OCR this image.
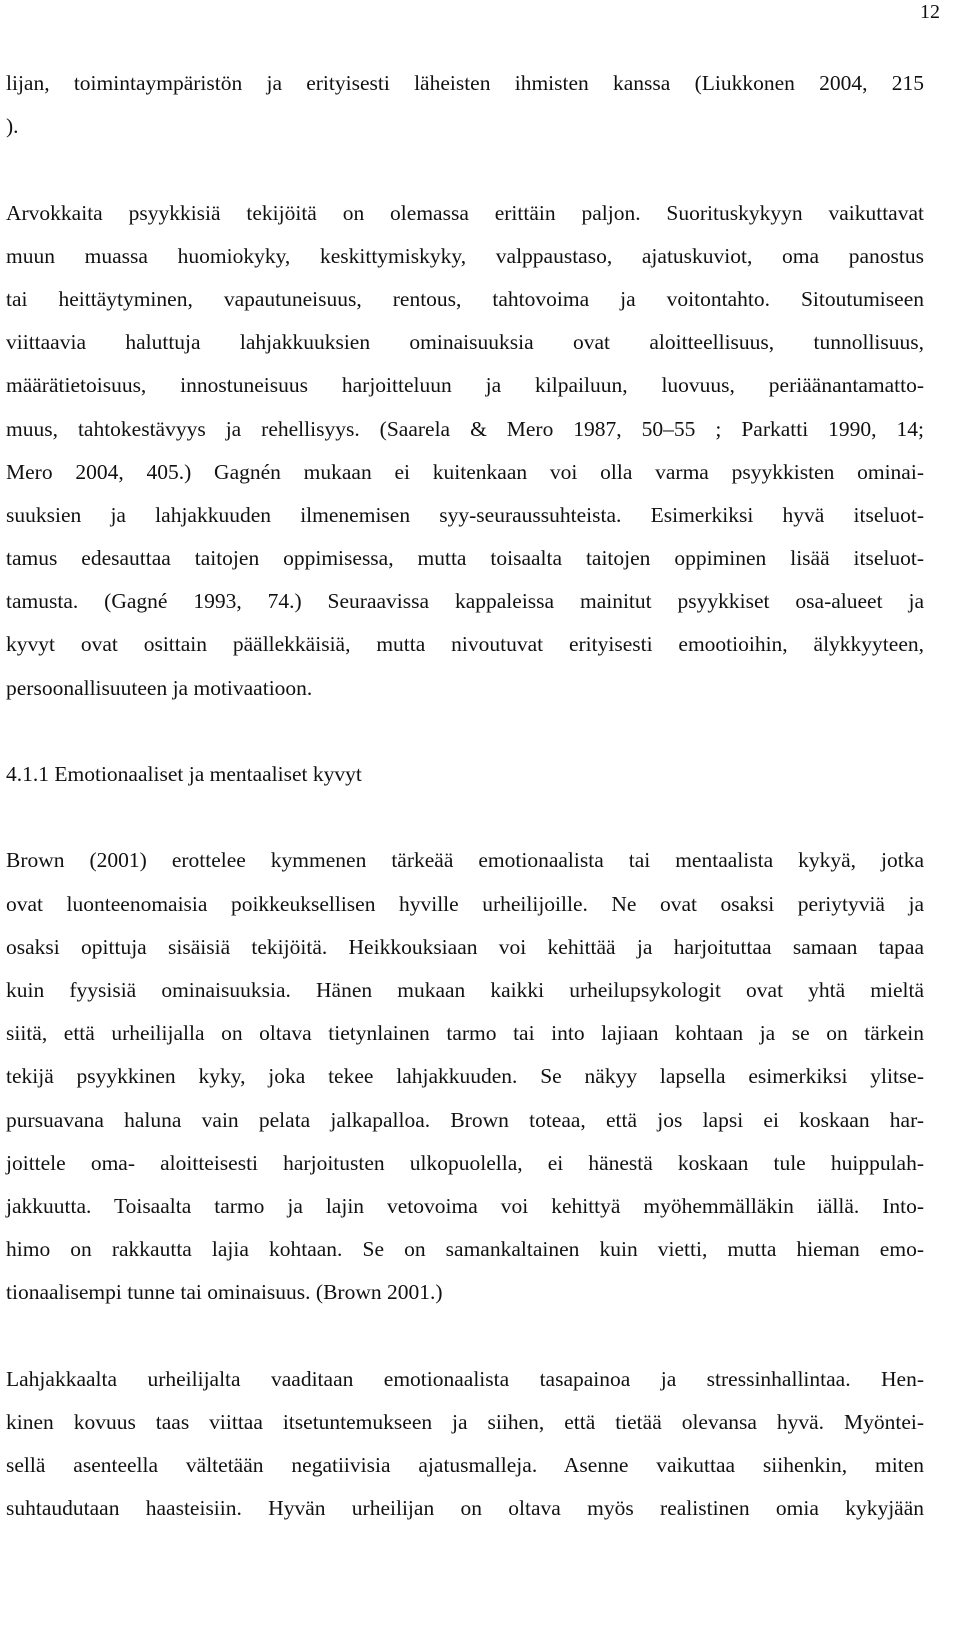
12
lijan, toimintaympäristön ja erityisesti läheisten ihmisten kanssa (Liukkonen 2004, 215
).
Arvokkaita psyykkisiä tekijöitä on olemassa erittäin paljon. Suorituskykyyn vaikuttavat
muun muassa huomiokyky, keskittymiskyky, valppaustaso, ajatuskuviot, oma panostus
tai heittäytyminen, vapautuneisuus, rentous, tahtovoima ja voitontahto. Sitoutumiseen
viittaavia haluttuja lahjakkuuksien ominaisuuksia ovat aloitteellisuus, tunnollisuus,
määrätietoisuus, innostuneisuus harjoitteluun ja kilpailuun, luovuus, periäänantamatto-
muus, tahtokestävyys ja rehellisyys. (Saarela & Mero 1987, 50–55 ; Parkatti 1990, 14;
Mero 2004, 405.) Gagnén mukaan ei kuitenkaan voi olla varma psyykkisten ominai-
suuksien ja lahjakkuuden ilmenemisen syy-seuraussuhteista. Esimerkiksi hyvä itseluot-
tamus edesauttaa taitojen oppimisessa, mutta toisaalta taitojen oppiminen lisää itseluot-
tamusta. (Gagné 1993, 74.) Seuraavissa kappaleissa mainitut psyykkiset osa-alueet ja
kyvyt ovat osittain päällekkäisiä, mutta nivoutuvat erityisesti emootioihin, älykkyyteen,
persoonallisuuteen ja motivaatioon.
4.1.1 Emotionaaliset ja mentaaliset kyvyt
Brown (2001) erottelee kymmenen tärkeää emotionaalista tai mentaalista kykyä, jotka
ovat luonteenomaisia poikkeuksellisen hyville urheilijoille. Ne ovat osaksi periytyviä ja
osaksi opittuja sisäisiä tekijöitä. Heikkouksiaan voi kehittää ja harjoituttaa samaan tapaa
kuin fyysisiä ominaisuuksia. Hänen mukaan kaikki urheilupsykologit ovat yhtä mieltä
siitä, että urheilijalla on oltava tietynlainen tarmo tai into lajiaan kohtaan ja se on tärkein
tekijä psyykkinen kyky, joka tekee lahjakkuuden. Se näkyy lapsella esimerkiksi ylitse-
pursuavana haluna vain pelata jalkapalloa. Brown toteaa, että jos lapsi ei koskaan har-
joittele oma- aloitteisesti harjoitusten ulkopuolella, ei hänestä koskaan tule huippulah-
jakkuutta. Toisaalta tarmo ja lajin vetovoima voi kehittyä myöhemmälläkin iällä. Into-
himo on rakkautta lajia kohtaan. Se on samankaltainen kuin vietti, mutta hieman emo-
tionaalisempi tunne tai ominaisuus. (Brown 2001.)
Lahjakkaalta urheilijalta vaaditaan emotionaalista tasapainoa ja stressinhallintaa. Hen-
kinen kovuus taas viittaa itsetuntemukseen ja siihen, että tietää olevansa hyvä. Myöntei-
sellä asenteella vältetään negatiivisia ajatusmalleja. Asenne vaikuttaa siihenkin, miten
suhtaudutaan haasteisiin. Hyvän urheilijan on oltava myös realistinen omia kykyjään
